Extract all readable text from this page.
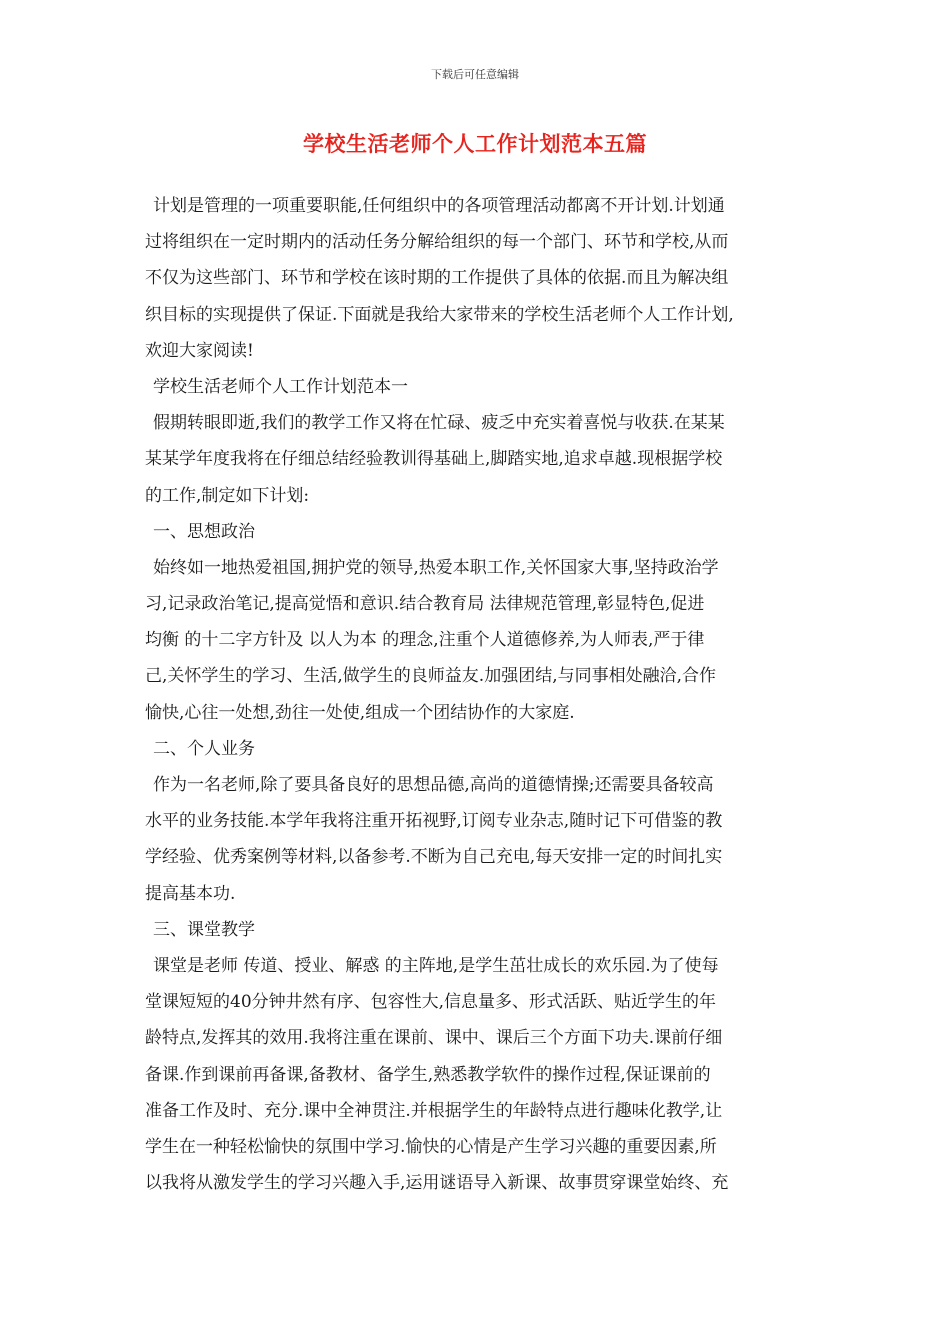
下载后可任意编辑
学校生活老师个人工作计划范本五篇
计划是管理的一项重要职能,任何组织中的各项管理活动都离不开计划.计划通
过将组织在一定时期内的活动任务分解给组织的每一个部门、环节和学校,从而
不仅为这些部门、环节和学校在该时期的工作提供了具体的依据.而且为解决组
织目标的实现提供了保证.下面就是我给大家带来的学校生活老师个人工作计划,
欢迎大家阅读!
学校生活老师个人工作计划范本一
假期转眼即逝,我们的教学工作又将在忙碌、疲乏中充实着喜悦与收获.在某某
某某学年度我将在仔细总结经验教训得基础上,脚踏实地,追求卓越.现根据学校
的工作,制定如下计划:
一、思想政治
始终如一地热爱祖国,拥护党的领导,热爱本职工作,关怀国家大事,坚持政治学
习,记录政治笔记,提高觉悟和意识.结合教育局 法律规范管理,彰显特色,促进
均衡 的十二字方针及 以人为本 的理念,注重个人道德修养,为人师表,严于律
己,关怀学生的学习、生活,做学生的良师益友.加强团结,与同事相处融洽,合作
愉快,心往一处想,劲往一处使,组成一个团结协作的大家庭.
二、个人业务
作为一名老师,除了要具备良好的思想品德,高尚的道德情操;还需要具备较高
水平的业务技能.本学年我将注重开拓视野,订阅专业杂志,随时记下可借鉴的教
学经验、优秀案例等材料,以备参考.不断为自己充电,每天安排一定的时间扎实
提高基本功.
三、课堂教学
课堂是老师 传道、授业、解惑 的主阵地,是学生茁壮成长的欢乐园.为了使每
堂课短短的40分钟井然有序、包容性大,信息量多、形式活跃、贴近学生的年
龄特点,发挥其的效用.我将注重在课前、课中、课后三个方面下功夫.课前仔细
备课.作到课前再备课,备教材、备学生,熟悉教学软件的操作过程,保证课前的
准备工作及时、充分.课中全神贯注.并根据学生的年龄特点进行趣味化教学,让
学生在一种轻松愉快的氛围中学习.愉快的心情是产生学习兴趣的重要因素,所
以我将从激发学生的学习兴趣入手,运用谜语导入新课、故事贯穿课堂始终、充
